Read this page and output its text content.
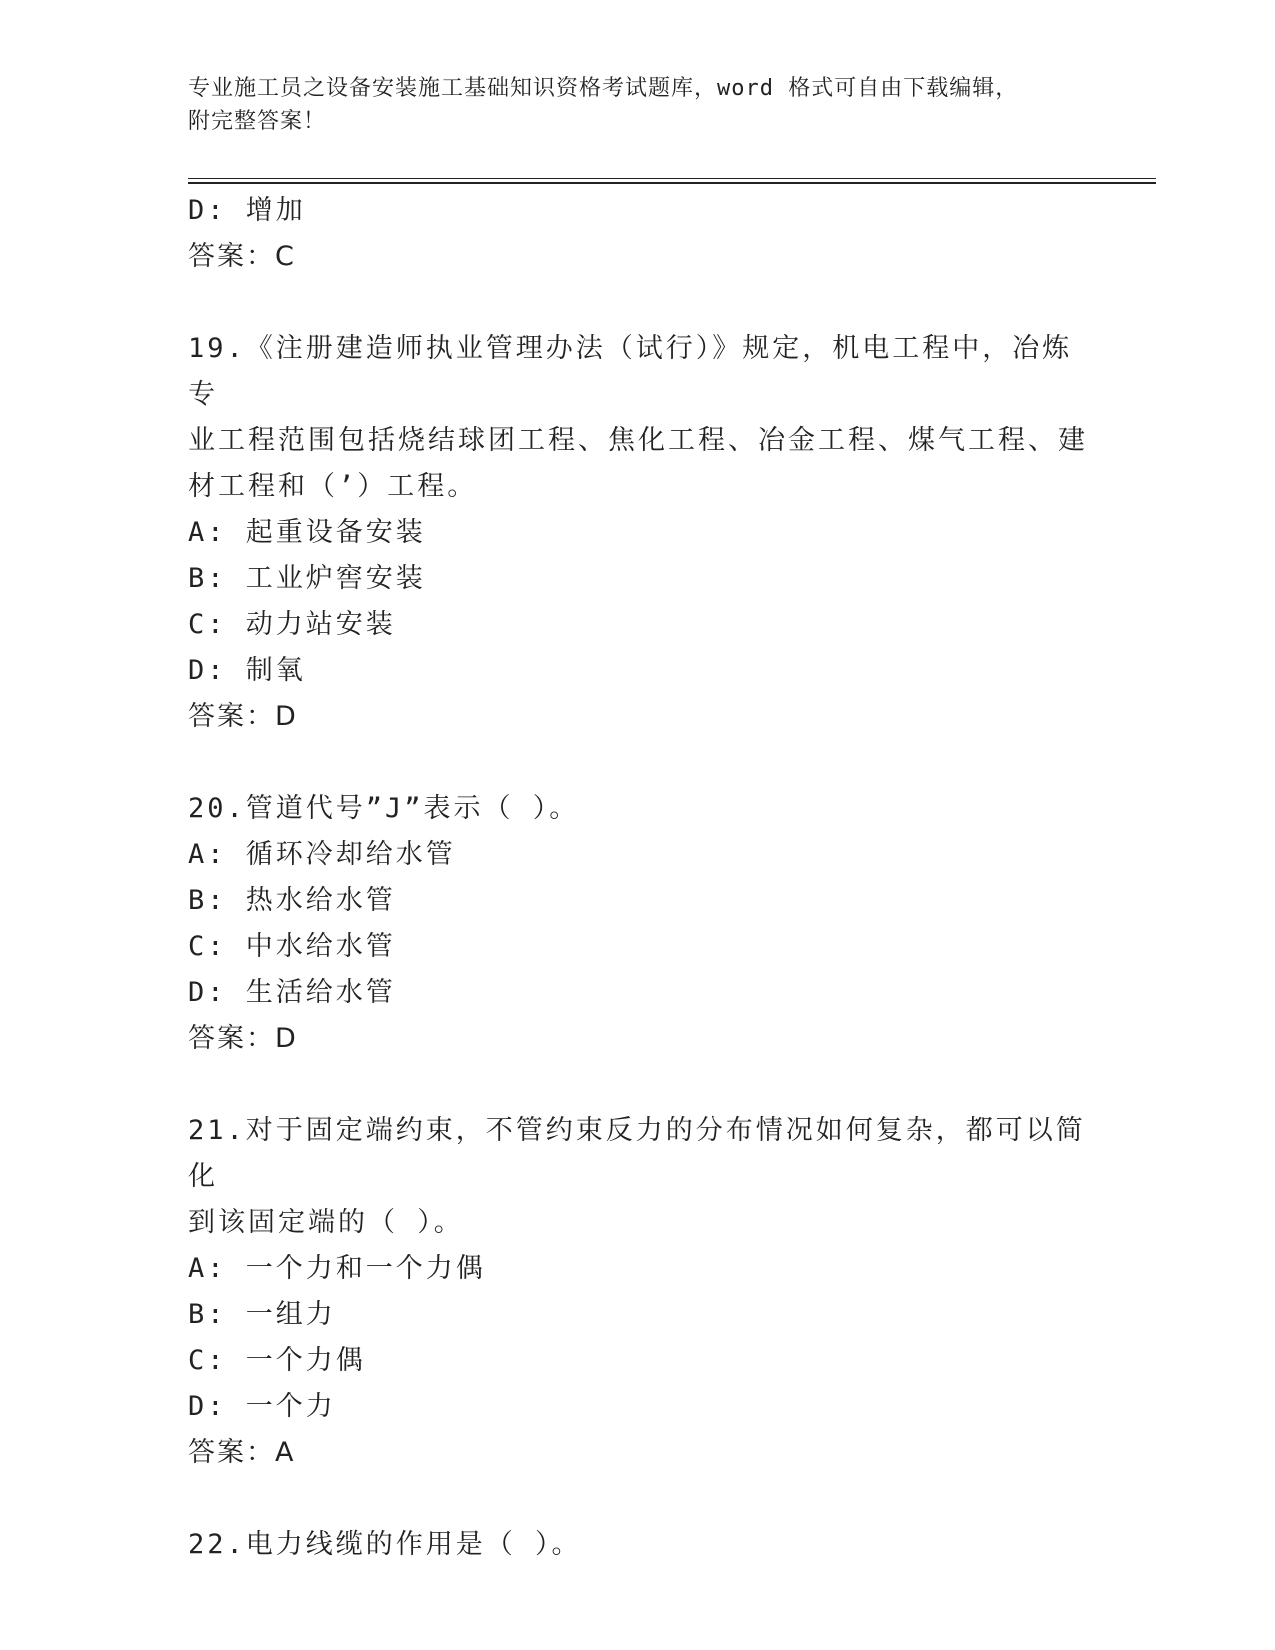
专业施工员之设备安装施工基础知识资格考试题库，word 格式可自由下载编辑，
附完整答案！
D: 增加
答案：C
19.《注册建造师执业管理办法（试行）》规定，机电工程中，冶炼专
业工程范围包括烧结球团工程、焦化工程、冶金工程、煤气工程、建
材工程和（’）工程。
A: 起重设备安装
B: 工业炉窖安装
C: 动力站安装
D: 制氧
答案：D
20.管道代号”J”表示（ ）。
A: 循环冷却给水管
B: 热水给水管
C: 中水给水管
D: 生活给水管
答案：D
21.对于固定端约束，不管约束反力的分布情况如何复杂，都可以简化
到该固定端的（ ）。
A: 一个力和一个力偶
B: 一组力
C: 一个力偶
D: 一个力
答案：A
22.电力线缆的作用是（ ）。
